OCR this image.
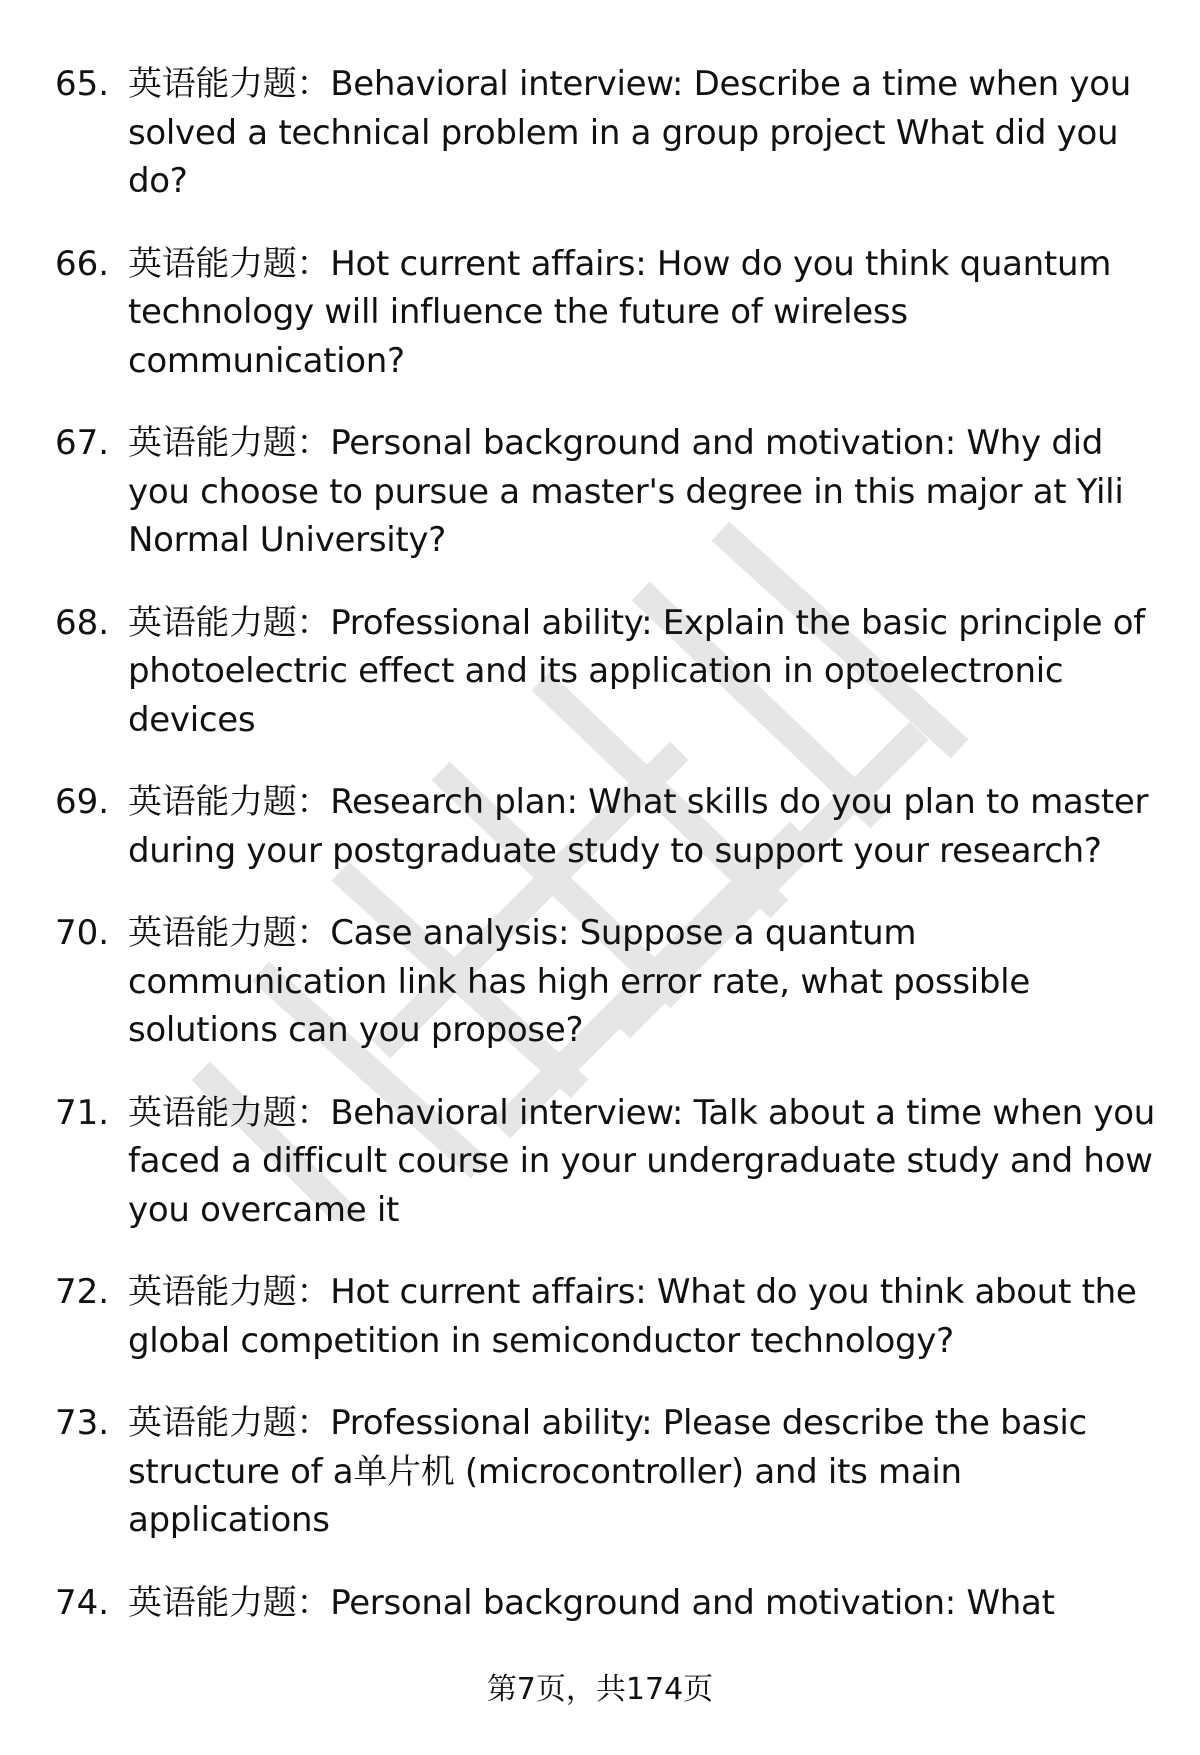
65. 英语能力题：Behavioral interview: Describe a time when you solved a technical problem in a group project What did you do?
66. 英语能力题：Hot current affairs: How do you think quantum technology will influence the future of wireless communication?
67. 英语能力题：Personal background and motivation: Why did you choose to pursue a master's degree in this major at Yili Normal University?
68. 英语能力题：Professional ability: Explain the basic principle of photoelectric effect and its application in optoelectronic devices
69. 英语能力题：Research plan: What skills do you plan to master during your postgraduate study to support your research?
70. 英语能力题：Case analysis: Suppose a quantum communication link has high error rate, what possible solutions can you propose?
71. 英语能力题：Behavioral interview: Talk about a time when you faced a difficult course in your undergraduate study and how you overcame it
72. 英语能力题：Hot current affairs: What do you think about the global competition in semiconductor technology?
73. 英语能力题：Professional ability: Please describe the basic structure of a单片机 (microcontroller) and its main applications
74. 英语能力题：Personal background and motivation: What
第7页，共174页
